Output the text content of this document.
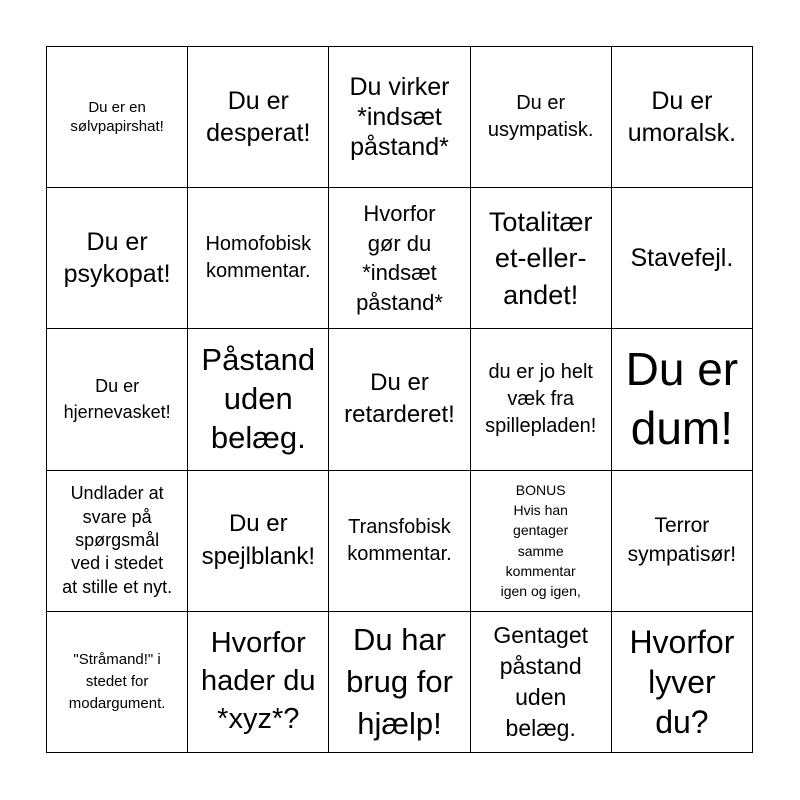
Du er en sølvpapirshat!
Du er
desperat!
Du virker
*indsæt
påstand*
Du er
usympatisk.
Du er
umoralsk.
Du er
psykopat!
Homofobisk
kommentar.
Hvorfor
gør du
*indsæt
påstand*
Totalitær
et-eller-
andet!
Stavefejl.
Du er
hjernevasket!
Påstand
uden
belæg.
Du er
retarderet!
du er jo helt
væk fra
spillepladen!
Du er
dum!
Undlader at
svare på
spørgsmål
ved i stedet
at stille et nyt.
Du er
spejlblank!
Transfobisk
kommentar.
BONUS
Hvis han
gentager
samme
kommentar
igen og igen,
Terror
sympatisør!
"Stråmand!" i
stedet for
modargument.
Hvorfor
hader du
*xyz*?
Du har
brug for
hjælp!
Gentaget
påstand
uden
belæg.
Hvorfor
lyver
du?
